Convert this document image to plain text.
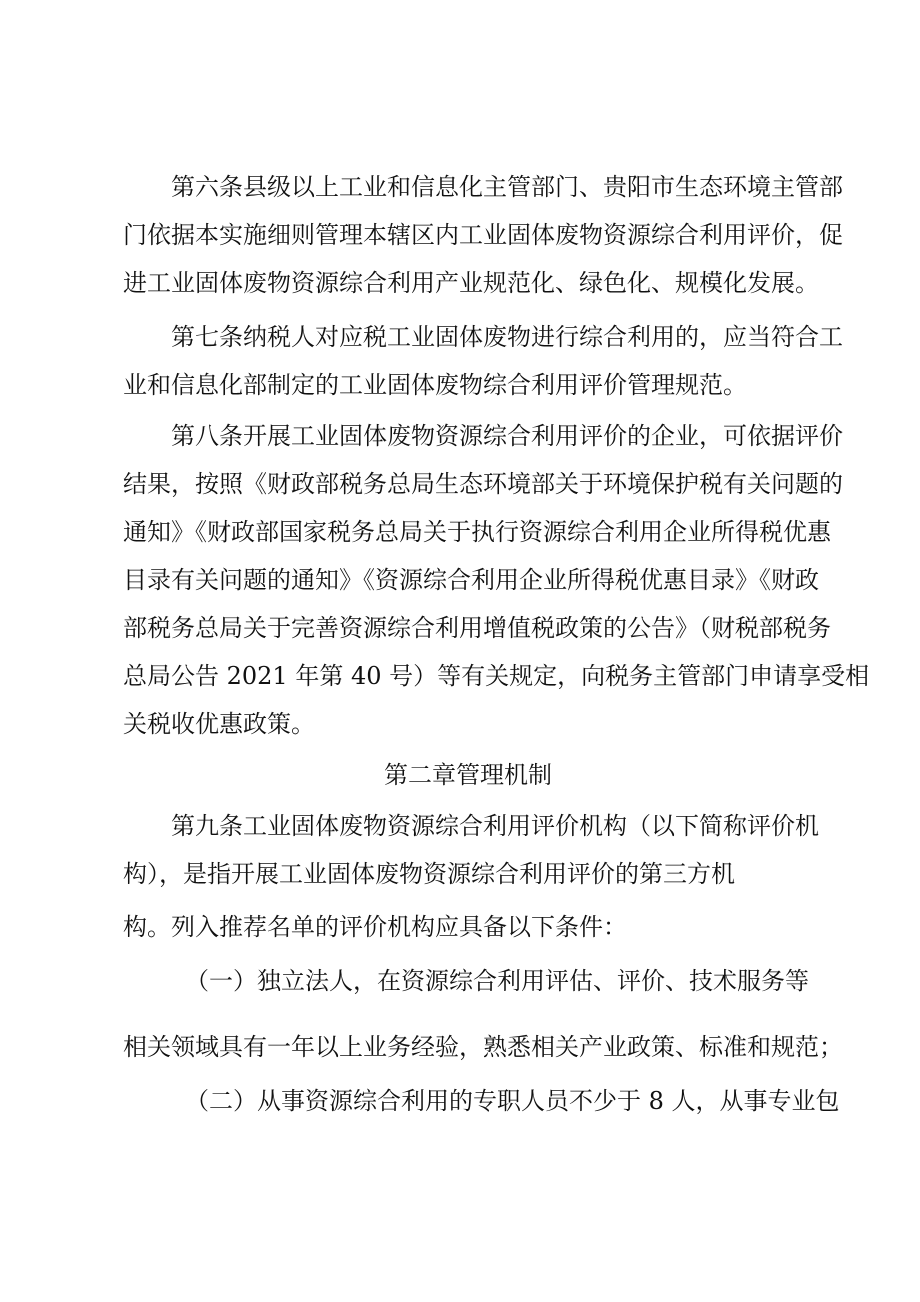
第六条县级以上工业和信息化主管部门、贵阳市生态环境主管部
门依据本实施细则管理本辖区内工业固体废物资源综合利用评价，促
进工业固体废物资源综合利用产业规范化、绿色化、规模化发展。
第七条纳税人对应税工业固体废物进行综合利用的，应当符合工
业和信息化部制定的工业固体废物综合利用评价管理规范。
第八条开展工业固体废物资源综合利用评价的企业，可依据评价
结果，按照《财政部税务总局生态环境部关于环境保护税有关问题的
通知》《财政部国家税务总局关于执行资源综合利用企业所得税优惠
目录有关问题的通知》《资源综合利用企业所得税优惠目录》《财政
部税务总局关于完善资源综合利用增值税政策的公告》（财税部税务
总局公告 2021 年第 40 号）等有关规定，向税务主管部门申请享受相
关税收优惠政策。
第二章管理机制
第九条工业固体废物资源综合利用评价机构（以下简称评价机
构），是指开展工业固体废物资源综合利用评价的第三方机
构。列入推荐名单的评价机构应具备以下条件：
（一）独立法人，在资源综合利用评估、评价、技术服务等
相关领域具有一年以上业务经验，熟悉相关产业政策、标准和规范；
（二）从事资源综合利用的专职人员不少于 8 人，从事专业包
